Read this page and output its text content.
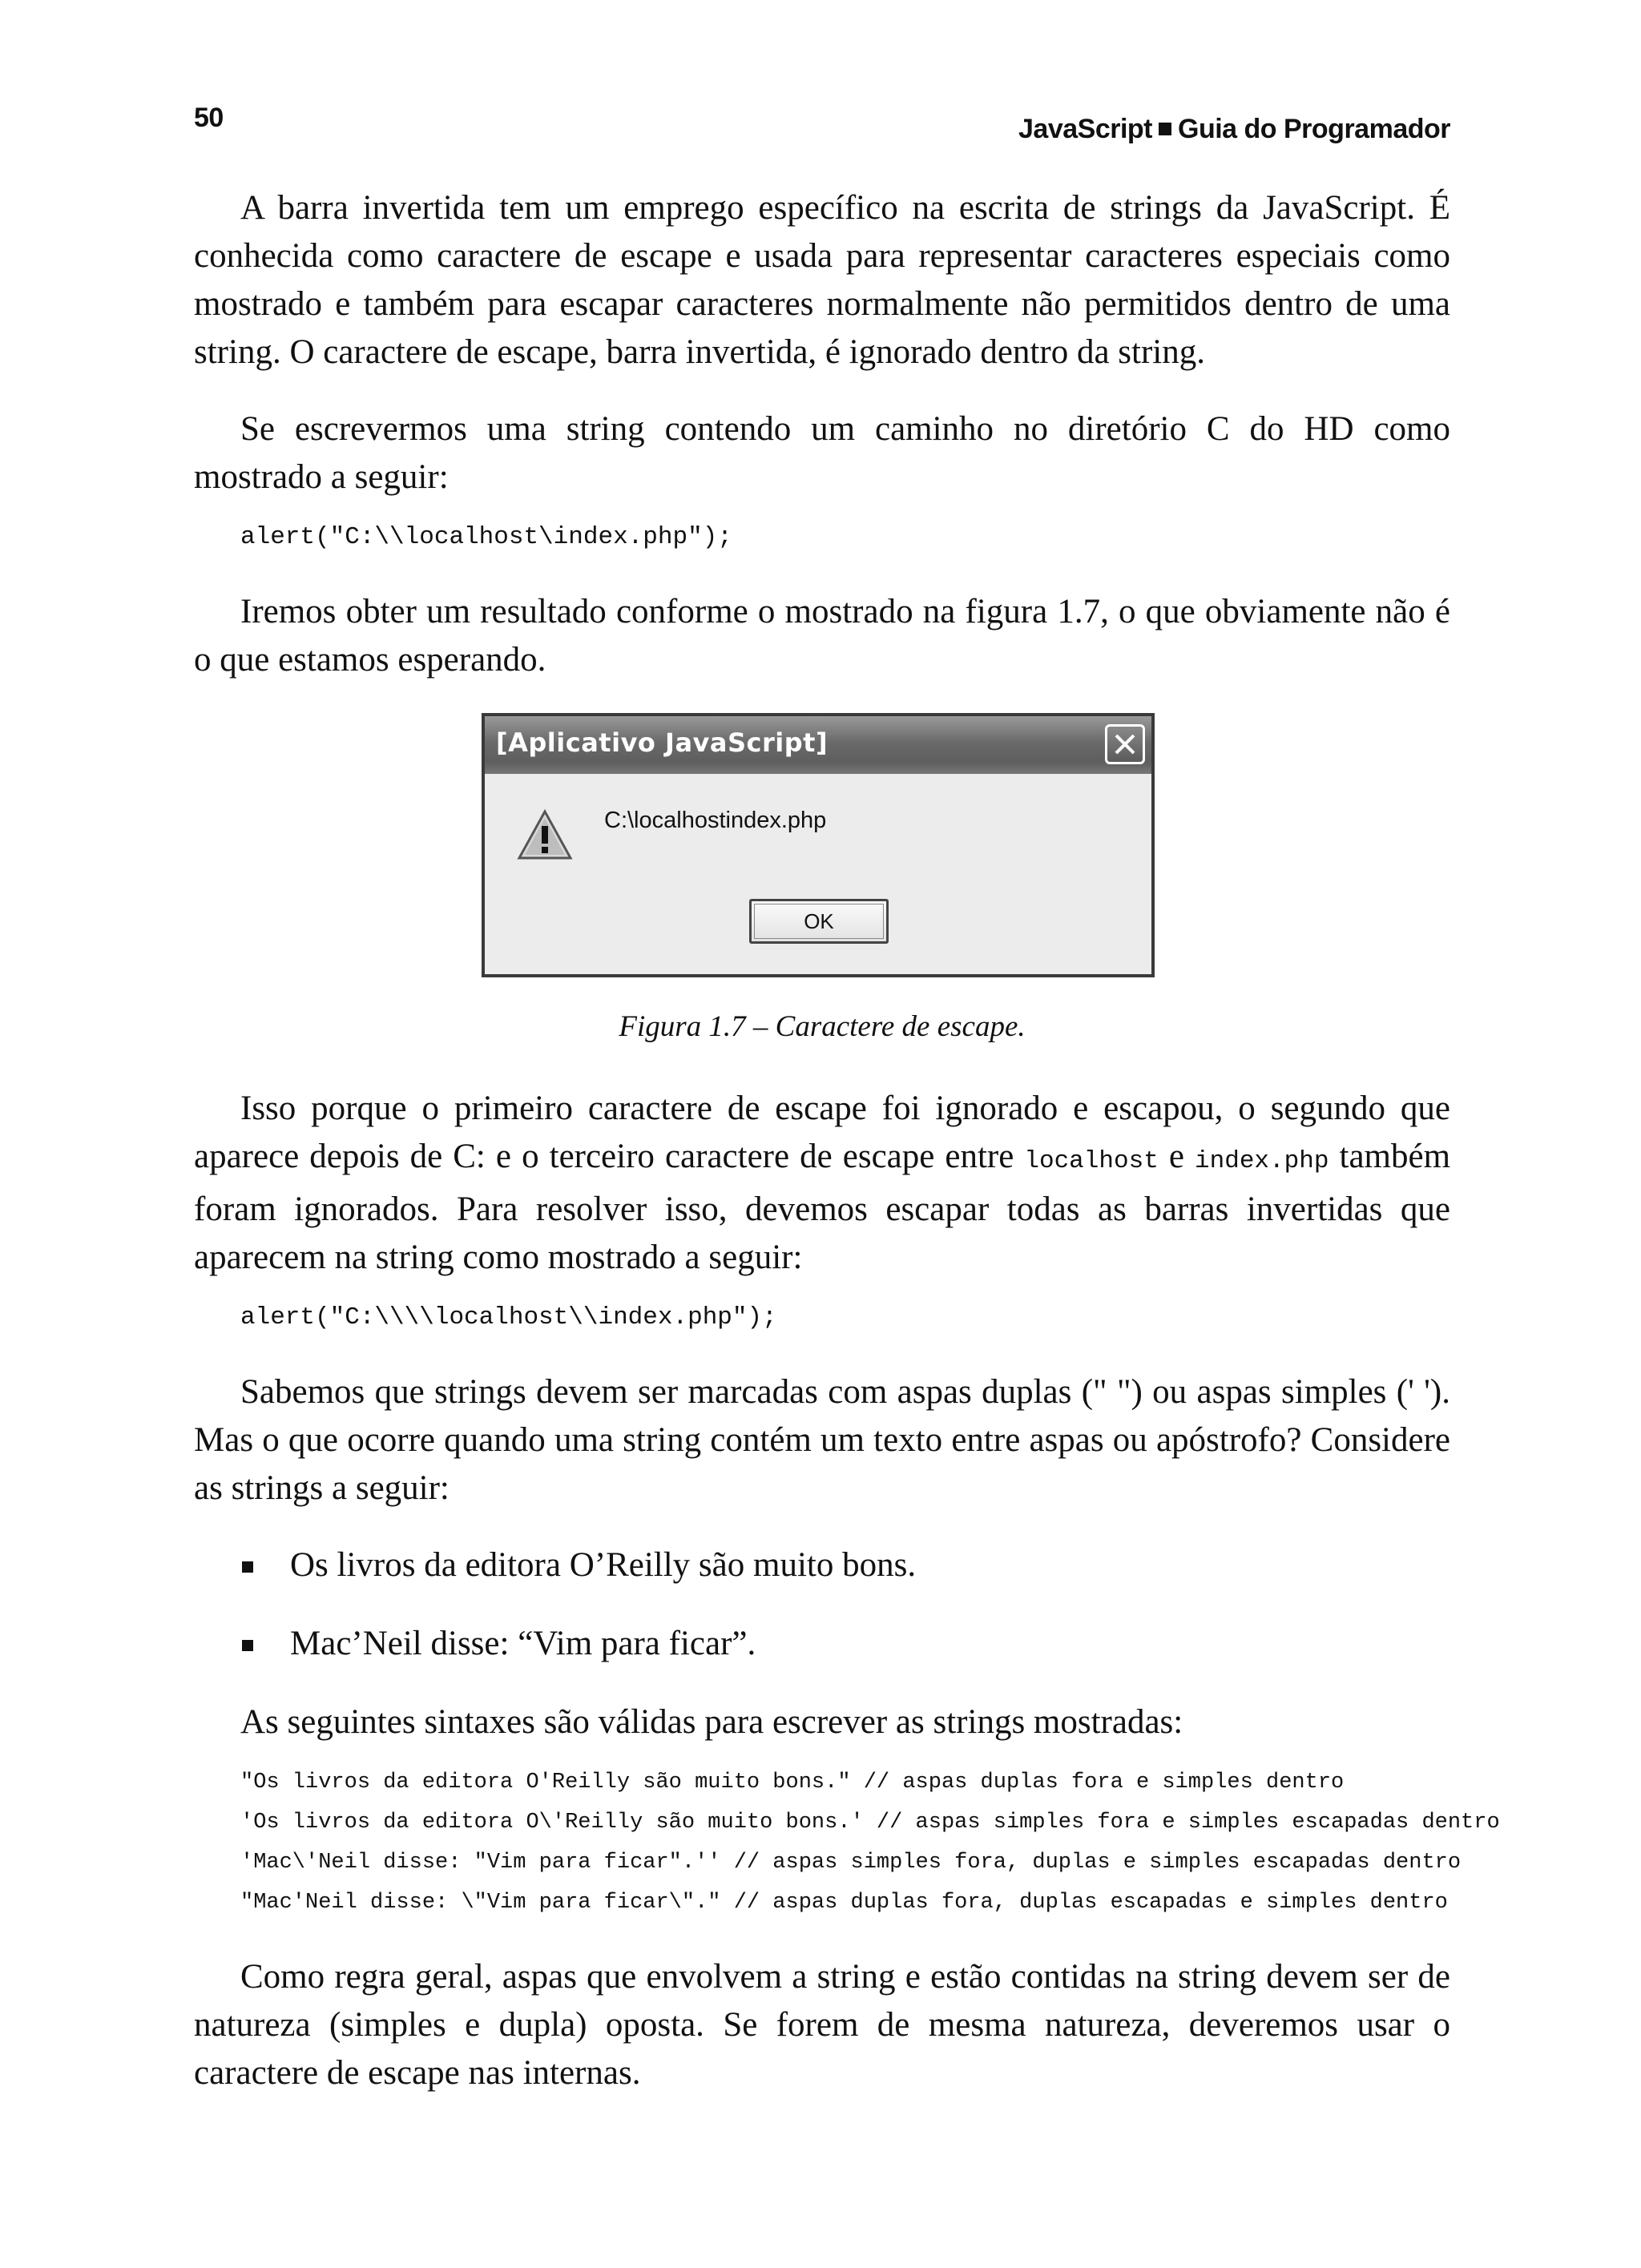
50	JavaScript Guia do Programador

A barra invertida tem um emprego específico na escrita de strings da JavaScript. É conhecida como caractere de escape e usada para representar caracteres especiais como mostrado e também para escapar caracteres normalmente não permitidos dentro de uma string. O caractere de escape, barra invertida, é ignorado dentro da string.

Se escrevermos uma string contendo um caminho no diretório C do HD como mostrado a seguir:

alert("C:\\localhost\index.php");

Iremos obter um resultado conforme o mostrado na figura 1.7, o que obviamente não é o que estamos esperando.

[Aplicativo JavaScript]
C:\localhostindex.php
OK
Figura 1.7 – Caractere de escape.

Isso porque o primeiro caractere de escape foi ignorado e escapou, o segundo que aparece depois de C: e o terceiro caractere de escape entre localhost e index.php também foram ignorados. Para resolver isso, devemos escapar todas as barras invertidas que aparecem na string como mostrado a seguir:

alert("C:\\\\localhost\\index.php");

Sabemos que strings devem ser marcadas com aspas duplas (" ") ou aspas simples (' '). Mas o que ocorre quando uma string contém um texto entre aspas ou apóstrofo? Considere as strings a seguir:

Os livros da editora O’Reilly são muito bons.
Mac’Neil disse: “Vim para ficar”.

As seguintes sintaxes são válidas para escrever as strings mostradas:

"Os livros da editora O'Reilly são muito bons." // aspas duplas fora e simples dentro
'Os livros da editora O\'Reilly são muito bons.' // aspas simples fora e simples escapadas dentro
'Mac\'Neil disse: "Vim para ficar".'' // aspas simples fora, duplas e simples escapadas dentro
"Mac'Neil disse: \"Vim para ficar\"." // aspas duplas fora, duplas escapadas e simples dentro

Como regra geral, aspas que envolvem a string e estão contidas na string devem ser de natureza (simples e dupla) oposta. Se forem de mesma natureza, deveremos usar o caractere de escape nas internas.
